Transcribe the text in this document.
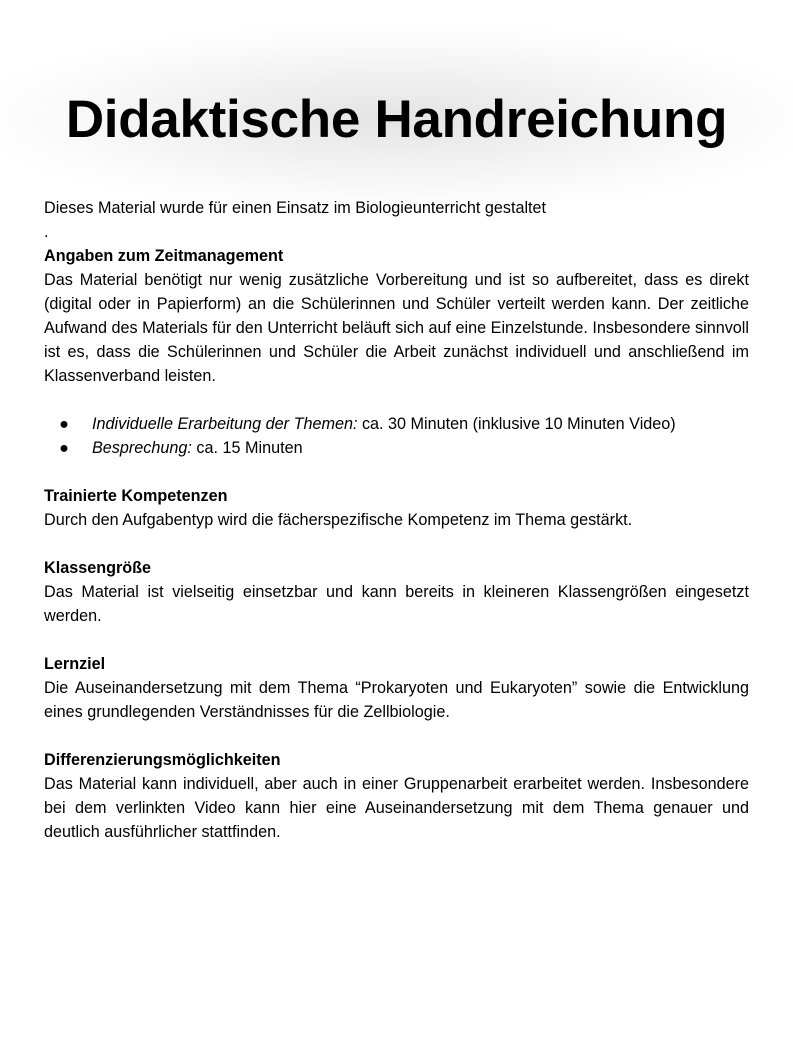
Didaktische Handreichung

Dieses Material wurde für einen Einsatz im Biologieunterricht gestaltet

.

Angaben zum Zeitmanagement

Das Material benötigt nur wenig zusätzliche Vorbereitung und ist so aufbereitet, dass es direkt (digital oder in Papierform) an die Schülerinnen und Schüler verteilt werden kann. Der zeitliche Aufwand des Materials für den Unterricht beläuft sich auf eine Einzelstunde. Insbesondere sinnvoll ist es, dass die Schülerinnen und Schüler die Arbeit zunächst individuell und anschließend im Klassenverband leisten.

● Individuelle Erarbeitung der Themen: ca. 30 Minuten (inklusive 10 Minuten Video)
● Besprechung: ca. 15 Minuten

Trainierte Kompetenzen

Durch den Aufgabentyp wird die fächerspezifische Kompetenz im Thema gestärkt.

Klassengröße

Das Material ist vielseitig einsetzbar und kann bereits in kleineren Klassengrößen eingesetzt werden.

Lernziel

Die Auseinandersetzung mit dem Thema “Prokaryoten und Eukaryoten” sowie die Entwicklung eines grundlegenden Verständnisses für die Zellbiologie.

Differenzierungsmöglichkeiten

Das Material kann individuell, aber auch in einer Gruppenarbeit erarbeitet werden. Insbesondere bei dem verlinkten Video kann hier eine Auseinandersetzung mit dem Thema genauer und deutlich ausführlicher stattfinden.
